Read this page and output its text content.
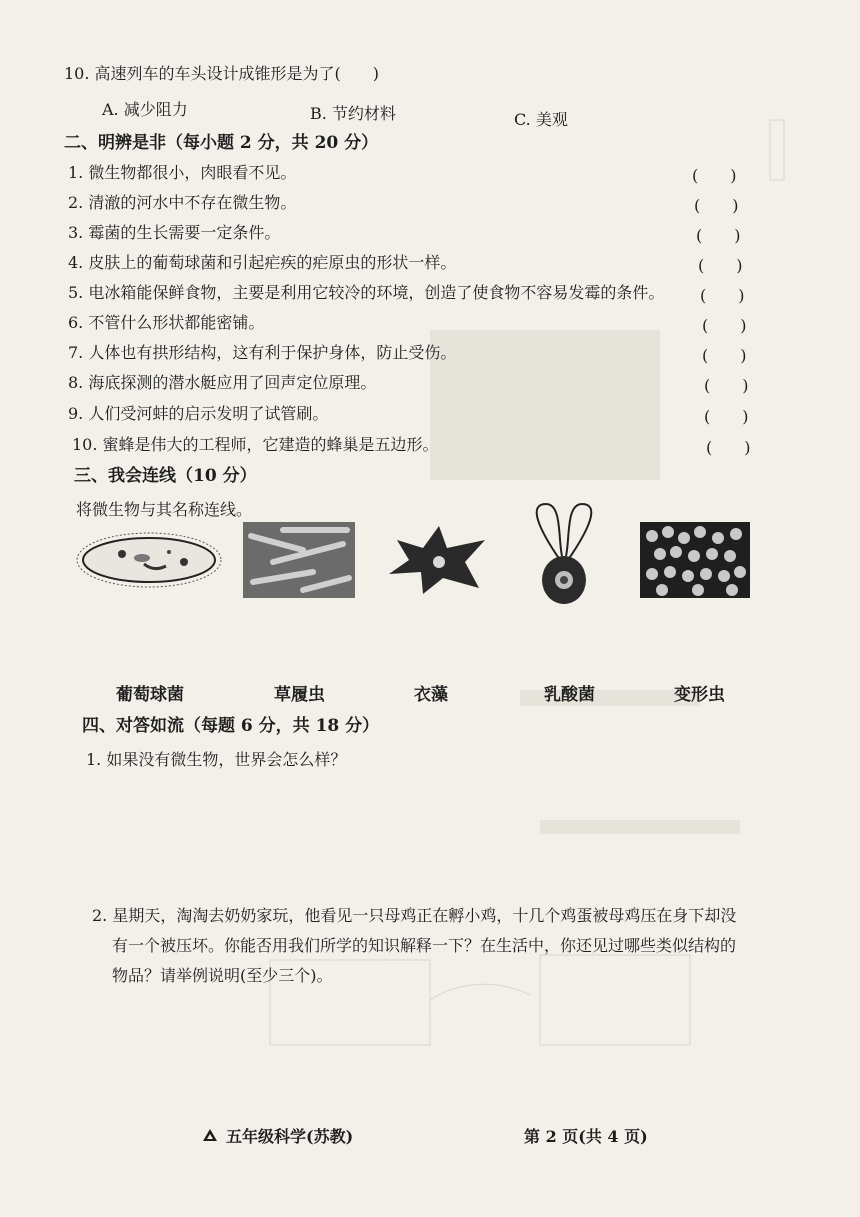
10. 高速列车的车头设计成锥形是为了(　　)
A. 减少阻力	B. 节约材料	C. 美观
二、明辨是非（每小题 2 分，共 20 分）
1. 微生物都很小，肉眼看不见。	(　　)
2. 清澈的河水中不存在微生物。	(　　)
3. 霉菌的生长需要一定条件。	(　　)
4. 皮肤上的葡萄球菌和引起疟疾的疟原虫的形状一样。	(　　)
5. 电冰箱能保鲜食物，主要是利用它较冷的环境，创造了使食物不容易发霉的条件。 (　　)
6. 不管什么形状都能密铺。	(　　)
7. 人体也有拱形结构，这有利于保护身体，防止受伤。	(　　)
8. 海底探测的潜水艇应用了回声定位原理。	(　　)
9. 人们受河蚌的启示发明了试管刷。	(　　)
10. 蜜蜂是伟大的工程师，它建造的蜂巢是五边形。	(　　)
三、我会连线（10 分）
将微生物与其名称连线。
葡萄球菌	草履虫	衣藻	乳酸菌	变形虫
四、对答如流（每题 6 分，共 18 分）
1. 如果没有微生物，世界会怎么样？
2. 星期天，淘淘去奶奶家玩，他看见一只母鸡正在孵小鸡，十几个鸡蛋被母鸡压在身下却没
有一个被压坏。你能否用我们所学的知识解释一下？在生活中，你还见过哪些类似结构的
物品？请举例说明(至少三个)。
五年级科学(苏教)	第 2 页(共 4 页)
